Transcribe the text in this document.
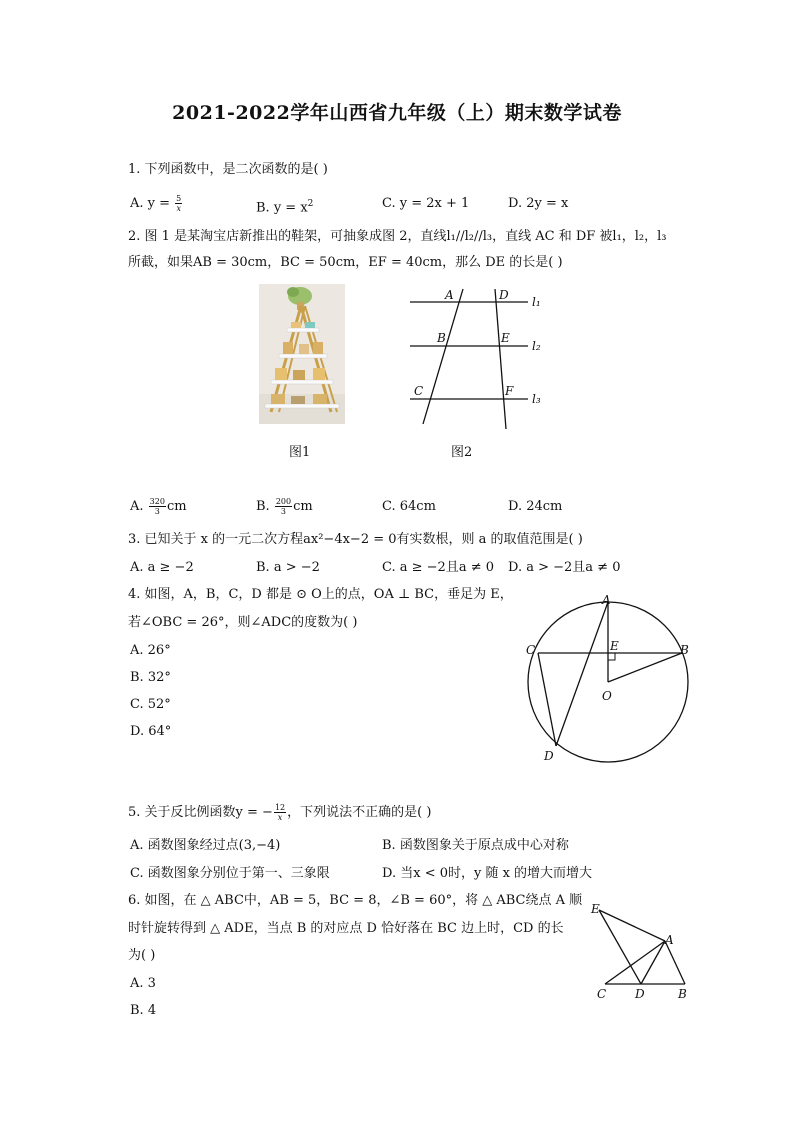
2021-2022学年山西省九年级（上）期末数学试卷
1. 下列函数中，是二次函数的是( )
A. $y = \frac{5}{x}$	B. $y = x^2$	C. y = 2x + 1	D. 2y = x
2. 图 1 是某淘宝店新推出的鞋架，可抽象成图 2，直线l₁//l₂//l₃，直线 AC 和 DF 被l₁，l₂，l₃
所截，如果AB = 30cm，BC = 50cm，EF = 40cm，那么 DE 的长是( )
图1
A	D
B	E
C	F
l₁
l₂
l₃
图2
A. $\frac{320}{3}$ cm	B. $\frac{200}{3}$ cm	C. 64cm	D. 24cm
3. 已知关于 x 的一元二次方程ax²−4x−2 = 0有实数根，则 a 的取值范围是( )
A. a ≥ −2	B. a > −2	C. a ≥ −2且a ≠ 0 D. a > −2且a ≠ 0
4. 如图，A，B，C，D 都是 ⊙ O上的点，OA ⊥ BC，垂足为 E，
若∠OBC = 26°，则∠ADC的度数为( )
A. 26°
B. 32°
C. 52°
D. 64°
A
B
C
D
E
O
5. 关于反比例函数y = − $\frac{12}{x}$ ，下列说法不正确的是( )
A. 函数图象经过点(3,−4)	B. 函数图象关于原点成中心对称
C. 函数图象分别位于第一、三象限	D. 当x < 0时，y 随 x 的增大而增大
6. 如图，在 △ ABC中，AB = 5，BC = 8，∠B = 60°，将 △ ABC绕点 A 顺
时针旋转得到 △ ADE，当点 B 的对应点 D 恰好落在 BC 边上时，CD 的长
为( )
A. 3
B. 4
E
A
C D	B
